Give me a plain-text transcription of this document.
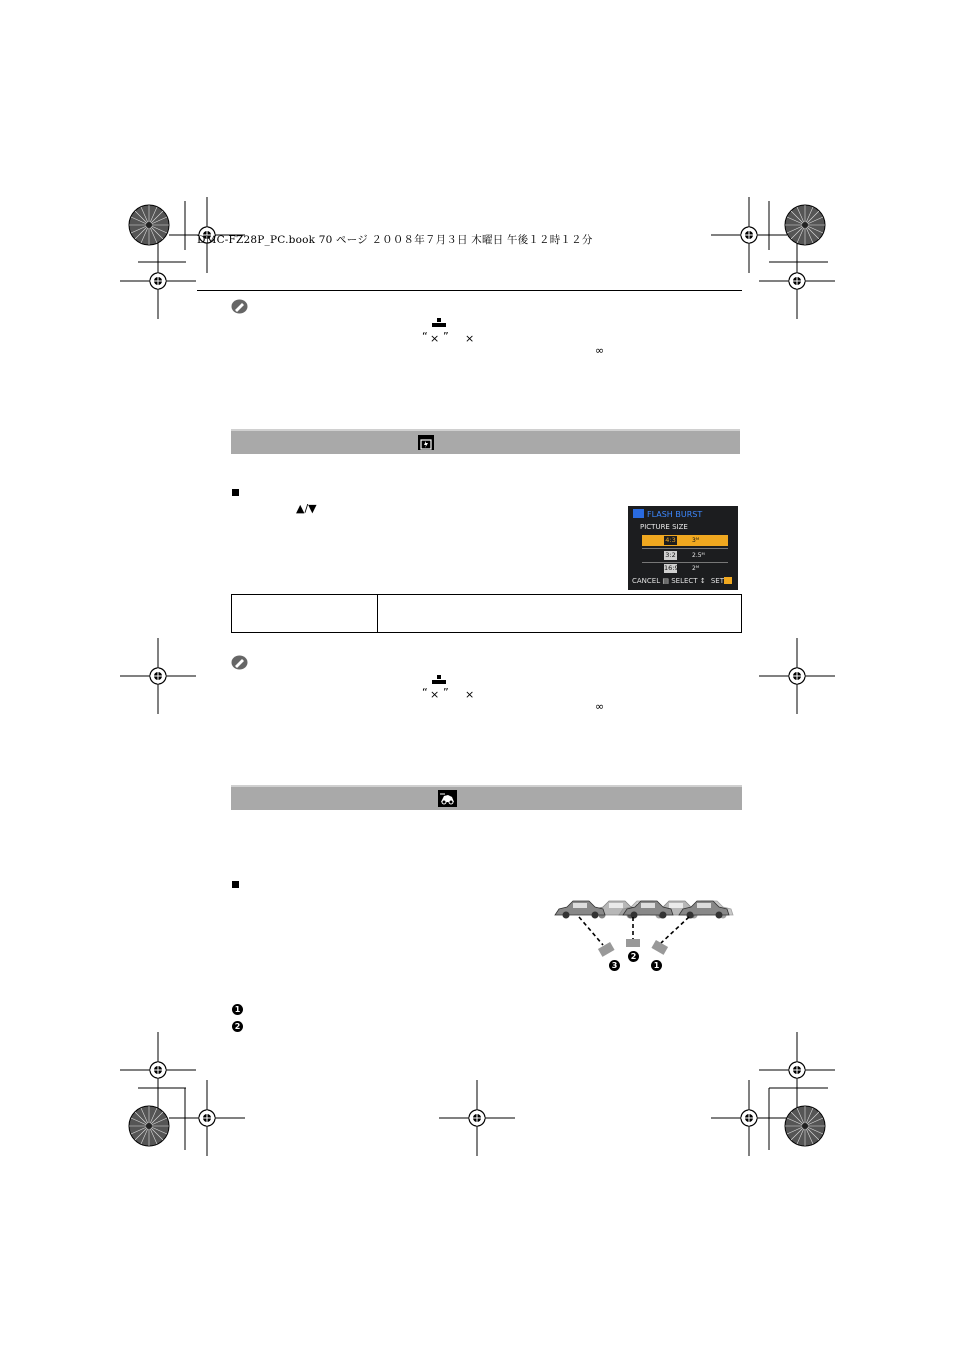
DMC-FZ28P_PC.book 70 ページ ２００８年７月３日 木曜日 午後１２時１２分
“ × ” ×
∞
▲/▼	FLASH BURST
PICTURE SIZE
4:3	3ᴹ
3:2	2.5ᴹ
16:9 2ᴹ
CANCEL ▤ SELECT ↕ SET
“ × ” ×
∞
3
2
1
1
2
